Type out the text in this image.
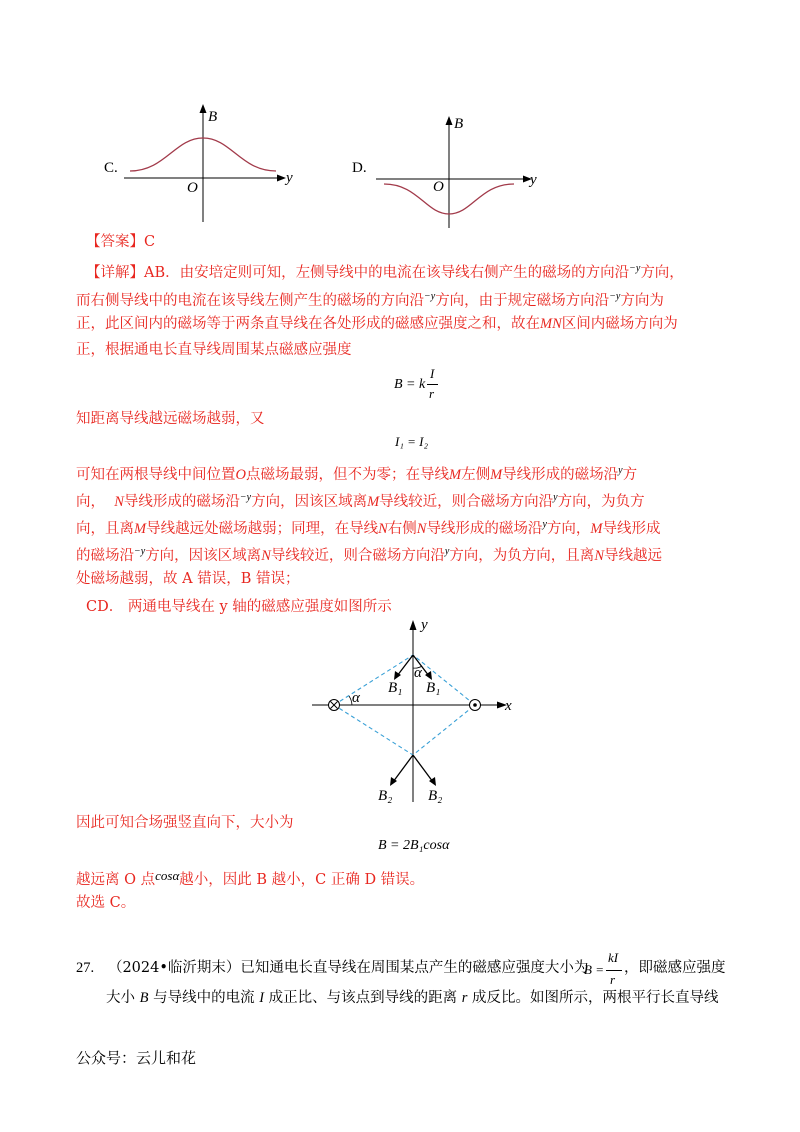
C.
B
y
O
D.
B
y
O
【答案】C
【详解】AB．由安培定则可知，左侧导线中的电流在该导线右侧产生的磁场的方向沿$^{-y}$方向，
而右侧导线中的电流在该导线左侧产生的磁场的方向沿$^{-y}$方向，由于规定磁场方向沿$^{-y}$方向为
正，此区间内的磁场等于两条直导线在各处形成的磁感应强度之和，故在MN区间内磁场方向为
正，根据通电长直导线周围某点磁感应强度
B = k
I
r
知距离导线越远磁场越弱，又
I₁ = I₂
可知在两根导线中间位置O点磁场最弱，但不为零；在导线M左侧M导线形成的磁场沿$^y$方
向， N导线形成的磁场沿$^{-y}$方向，因该区域离M导线较近，则合磁场方向沿$^y$方向，为负方
向，且离M导线越远处磁场越弱；同理，在导线N右侧N导线形成的磁场沿$^y$方向，M导线形成
的磁场沿$^{-y}$方向，因该区域离N导线较近，则合磁场方向沿$^y$方向，为负方向，且离N导线越远
处磁场越弱，故 A 错误，B 错误；
CD． 两通电导线在 y 轴的磁感应强度如图所示
y
x
α
α
B₁ B₁
B₂ B₂
因此可知合场强竖直向下，大小为
B = 2B₁cosα
越远离 O 点cosα越小，因此 B 越小，C 正确 D 错误。
故选 C。
27. （2024•临沂期末）已知通电长直导线在周围某点产生的磁感应强度大小为
B =
kI
r
，即磁感应强度
大小 B 与导线中的电流 I 成正比、与该点到导线的距离 r 成反比。如图所示，两根平行长直导线
公众号：云儿和花
